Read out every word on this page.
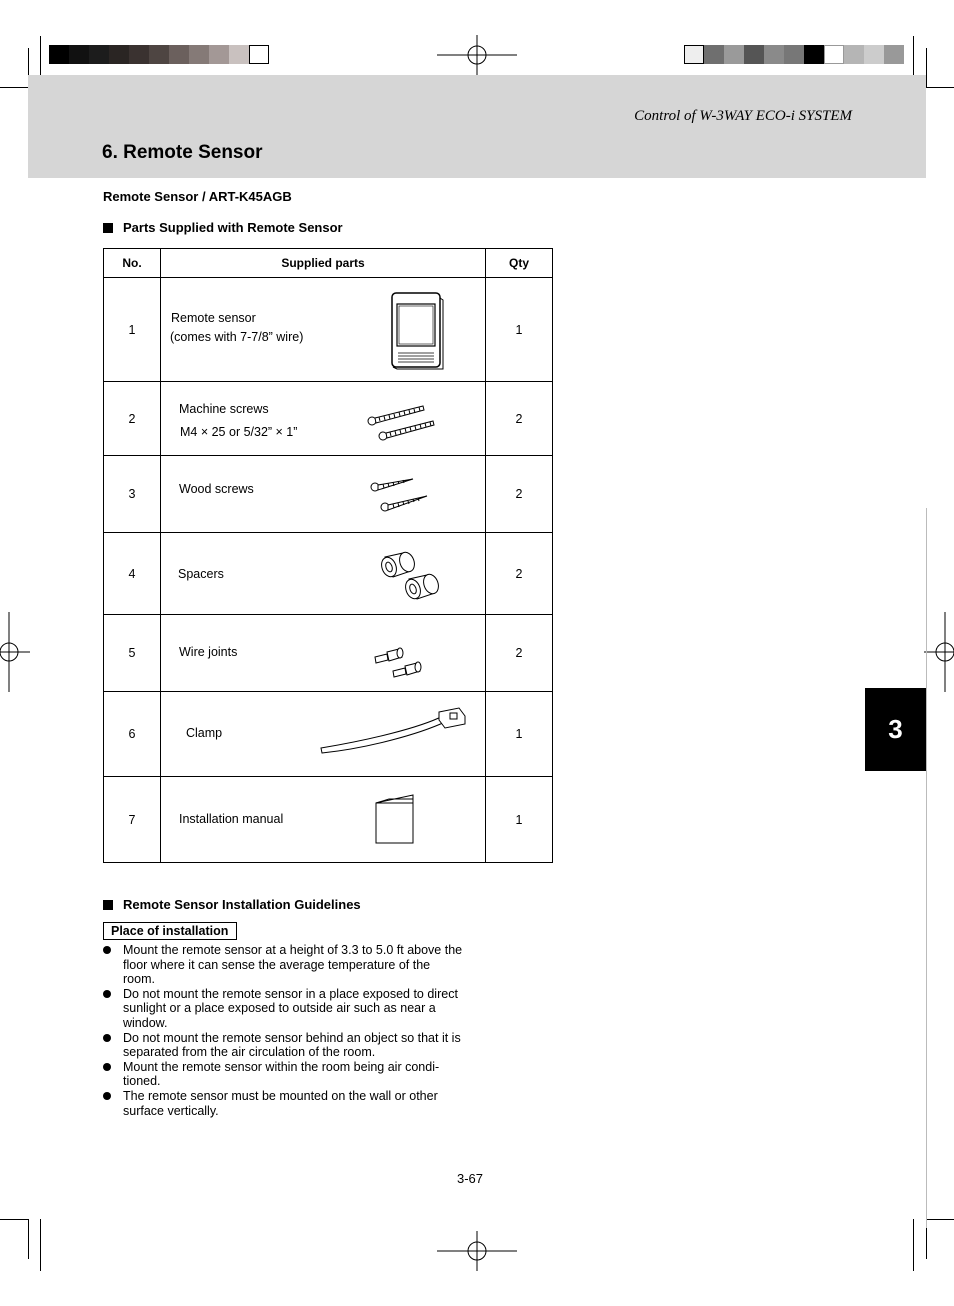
Control of W-3WAY ECO-i SYSTEM
6. Remote Sensor
Remote Sensor / ART-K45AGB
Parts Supplied with Remote Sensor
No.	Supplied parts	Qty
1	Remote sensor
(comes with 7-7/8” wire)	1
2	Machine screws
M4 × 25 or 5/32” × 1”	2
3	Wood screws	2
4	Spacers	2
5	Wire joints	2
6	Clamp	1
7	Installation manual	1
Remote Sensor Installation Guidelines
Place of installation
Mount the remote sensor at a height of 3.3 to 5.0 ft above the floor where it can sense the average temperature of the room.
Do not mount the remote sensor in a place exposed to direct sunlight or a place exposed to outside air such as near a window.
Do not mount the remote sensor behind an object so that it is separated from the air circulation of the room.
Mount the remote sensor within the room being air condi-tioned.
The remote sensor must be mounted on the wall or other surface vertically.
3-67
3
